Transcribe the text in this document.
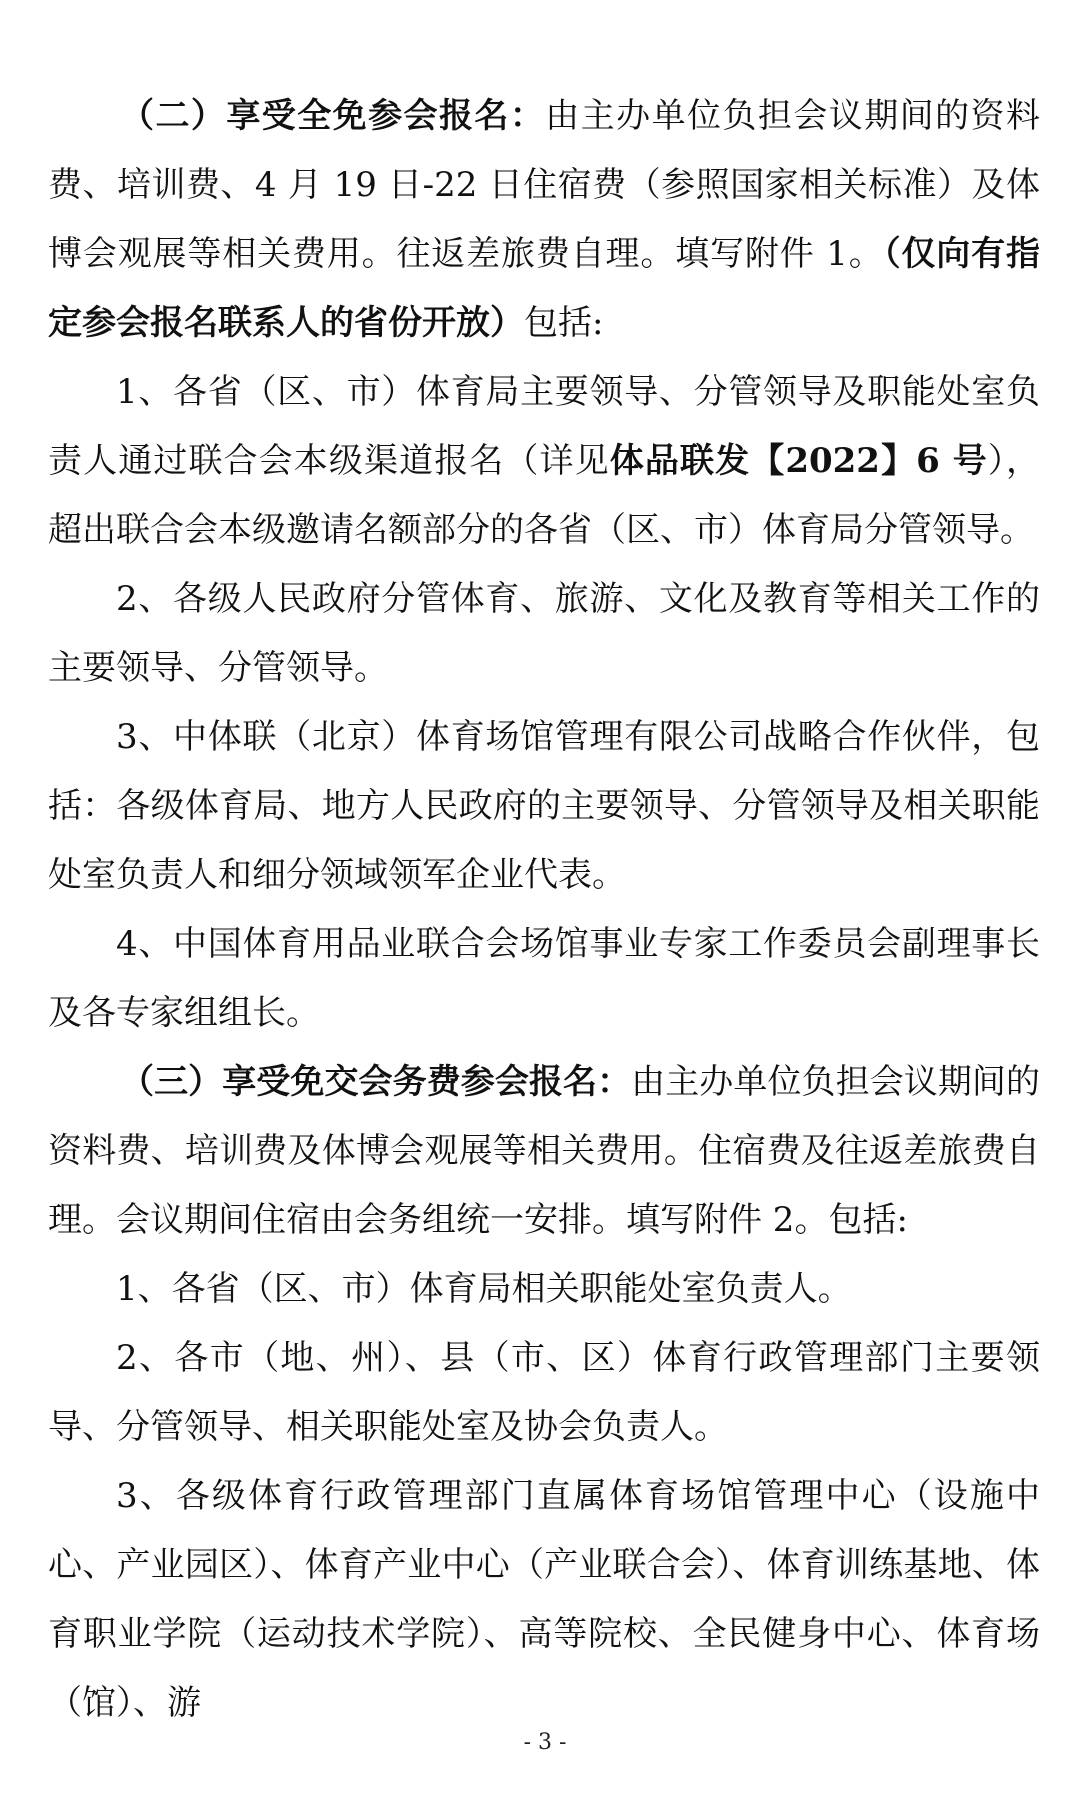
（二）享受全免参会报名：由主办单位负担会议期间的资料费、培训费、4 月 19 日-22 日住宿费（参照国家相关标准）及体博会观展等相关费用。往返差旅费自理。填写附件 1。（仅向有指定参会报名联系人的省份开放）包括:

1、各省（区、市）体育局主要领导、分管领导及职能处室负责人通过联合会本级渠道报名（详见体品联发【2022】6 号），超出联合会本级邀请名额部分的各省（区、市）体育局分管领导。

2、各级人民政府分管体育、旅游、文化及教育等相关工作的主要领导、分管领导。

3、中体联（北京）体育场馆管理有限公司战略合作伙伴，包括：各级体育局、地方人民政府的主要领导、分管领导及相关职能处室负责人和细分领域领军企业代表。

4、中国体育用品业联合会场馆事业专家工作委员会副理事长及各专家组组长。

（三）享受免交会务费参会报名：由主办单位负担会议期间的资料费、培训费及体博会观展等相关费用。住宿费及往返差旅费自理。会议期间住宿由会务组统一安排。填写附件 2。包括:

1、各省（区、市）体育局相关职能处室负责人。

2、各市（地、州）、县（市、区）体育行政管理部门主要领导、分管领导、相关职能处室及协会负责人。

3、各级体育行政管理部门直属体育场馆管理中心（设施中心、产业园区）、体育产业中心（产业联合会）、体育训练基地、体育职业学院（运动技术学院）、高等院校、全民健身中心、体育场（馆）、游

- 3 -
